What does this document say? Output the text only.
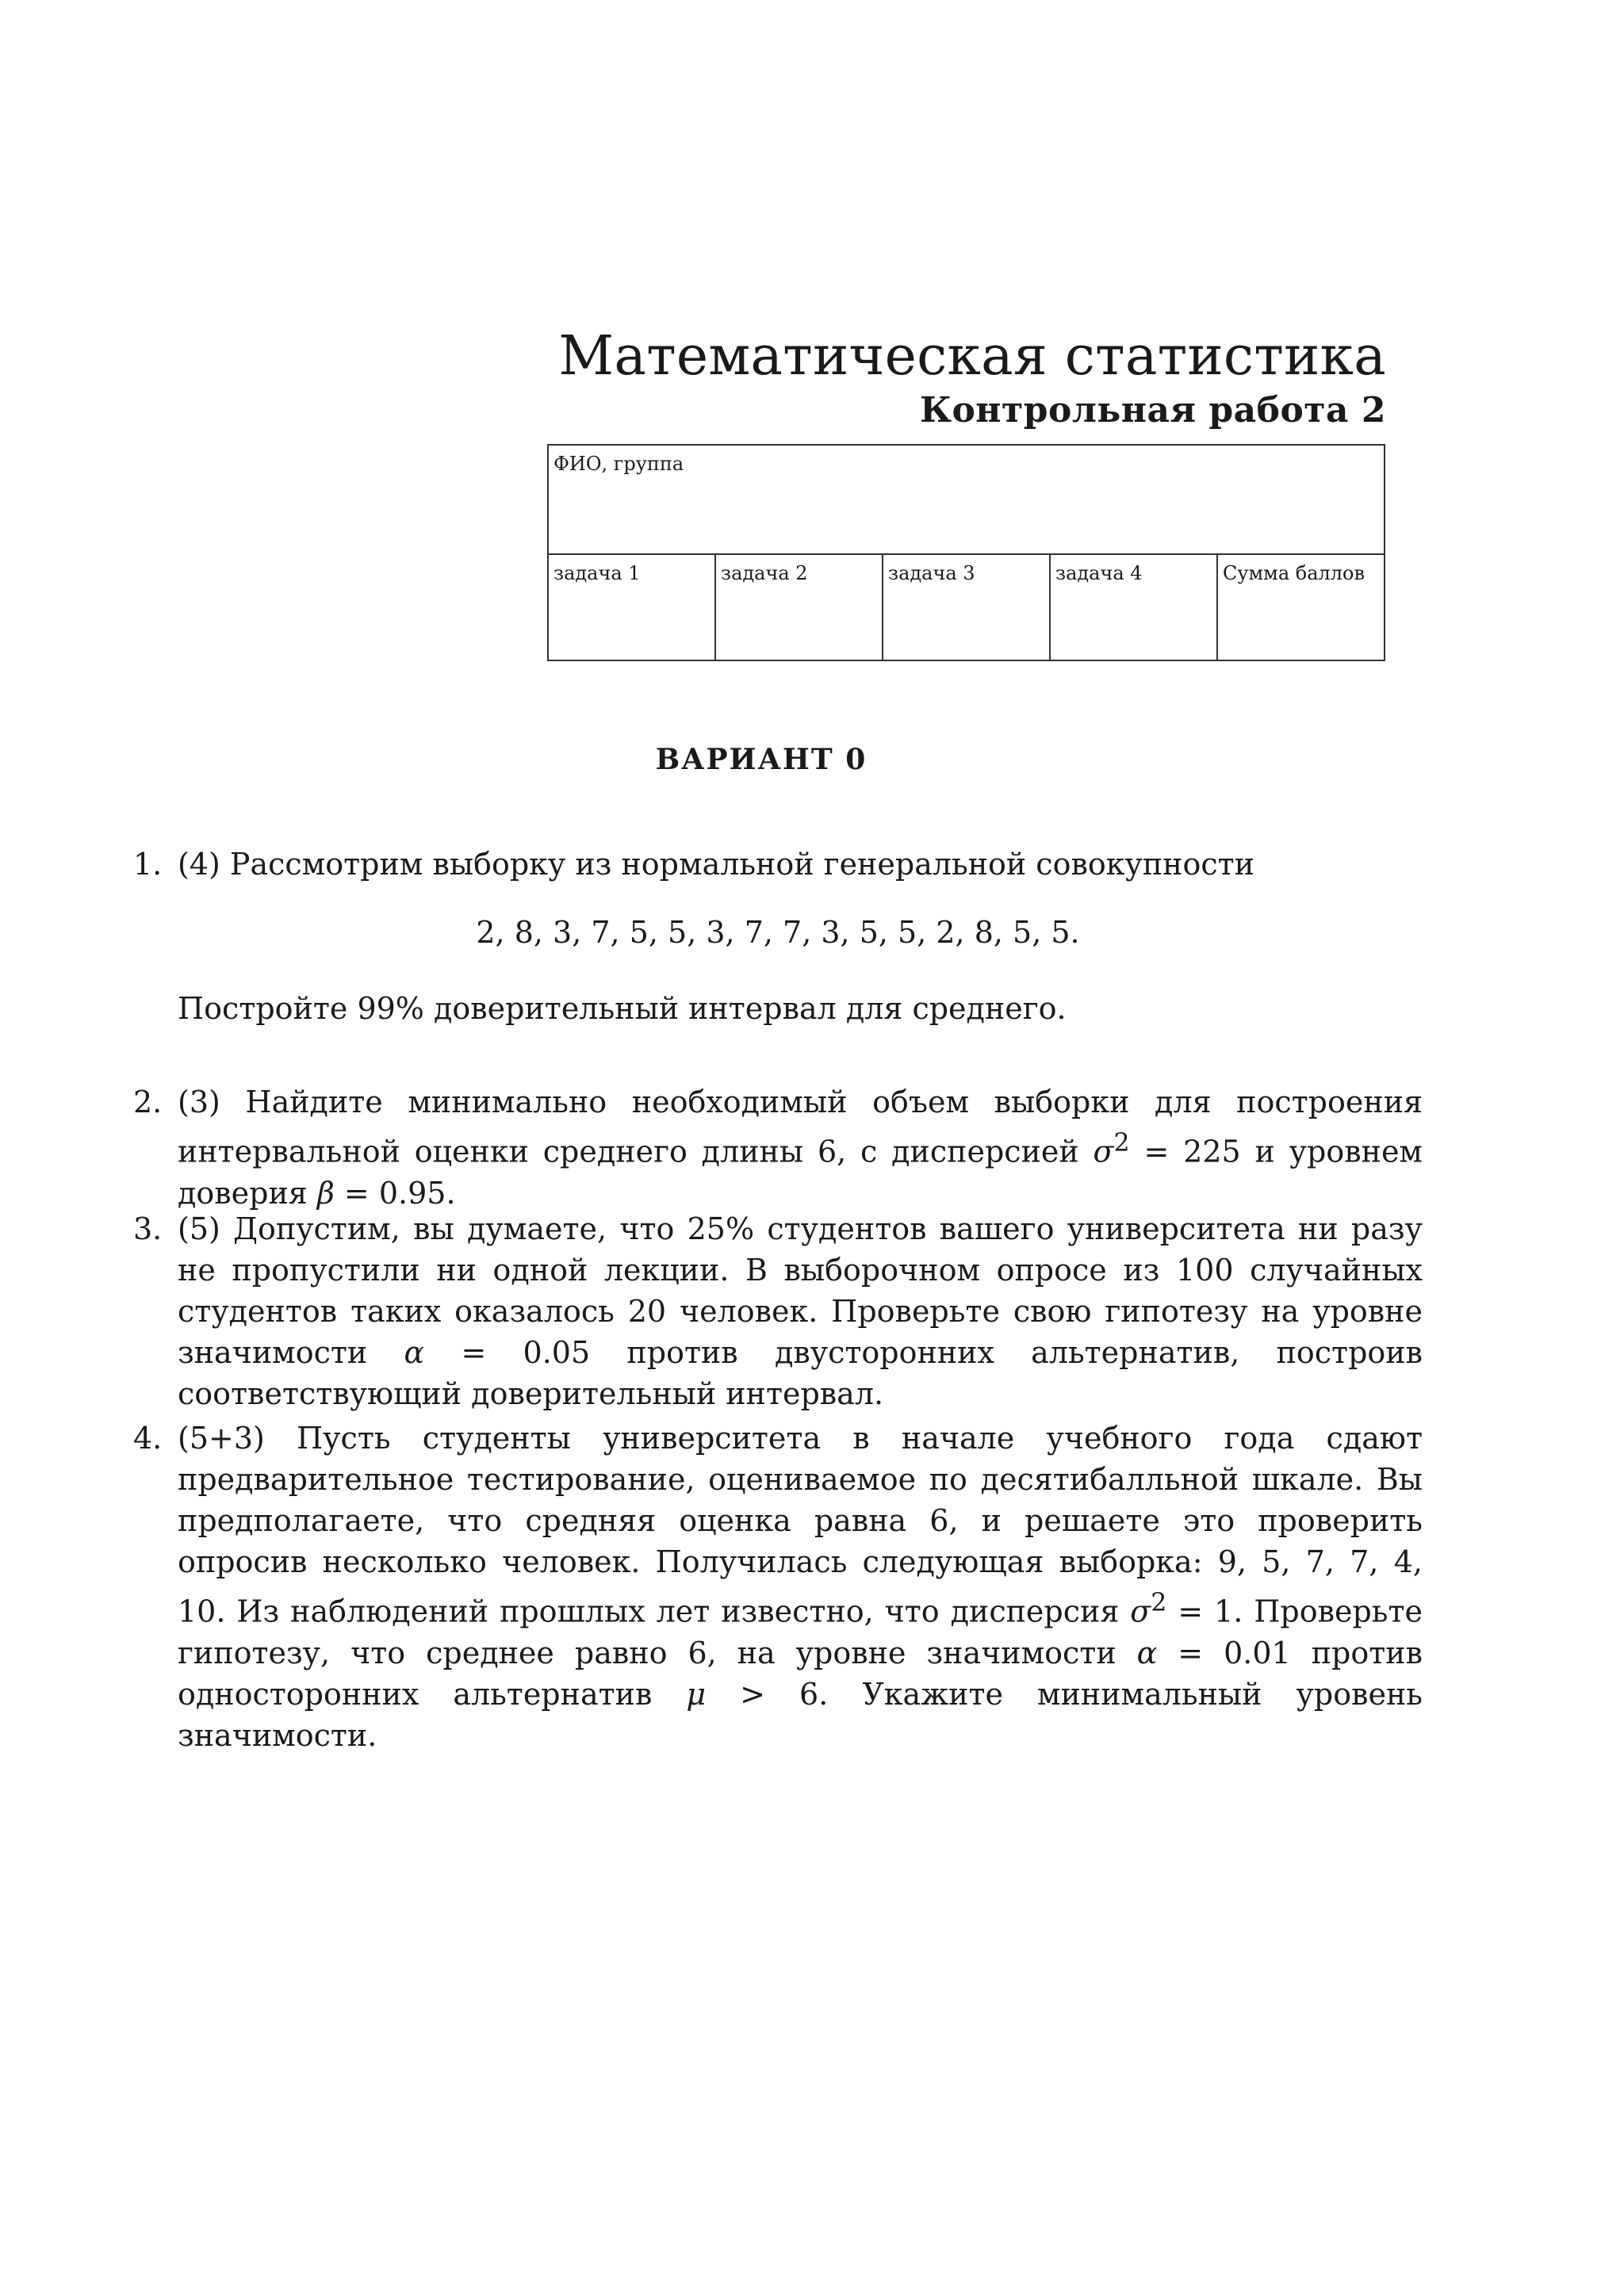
Математическая статистика
Контрольная работа 2
ФИО, группа
задача 1	задача 2	задача 3	задача 4	Сумма баллов
ВАРИАНТ 0
1. (4) Рассмотрим выборку из нормальной генеральной совокупности

2, 8, 3, 7, 5, 5, 3, 7, 7, 3, 5, 5, 2, 8, 5, 5.

Постройте 99% доверительный интервал для среднего.

2. (3) Найдите минимально необходимый объем выборки для построения интервальной оценки среднего длины 6, с дисперсией $\sigma^2 = 225$ и уровнем доверия β = 0.95.

3. (5) Допустим, вы думаете, что 25% студентов вашего университета ни разу не пропустили ни одной лекции. В выборочном опросе из 100 случайных студентов таких оказалось 20 человек. Проверьте свою гипотезу на уровне значимости α = 0.05 против двусторонних альтернатив, построив соответствующий доверительный интервал.

4. (5+3) Пусть студенты университета в начале учебного года сдают предварительное тестирование, оцениваемое по десятибалльной шкале. Вы предполагаете, что средняя оценка равна 6, и решаете это проверить опросив несколько человек. Получилась следующая выборка: 9, 5, 7, 7, 4, 10. Из наблюдений прошлых лет известно, что дисперсия $\sigma^2 = 1$. Проверьте гипотезу, что среднее равно 6, на уровне значимости α = 0.01 против односторонних альтернатив μ > 6. Укажите минимальный уровень значимости.
